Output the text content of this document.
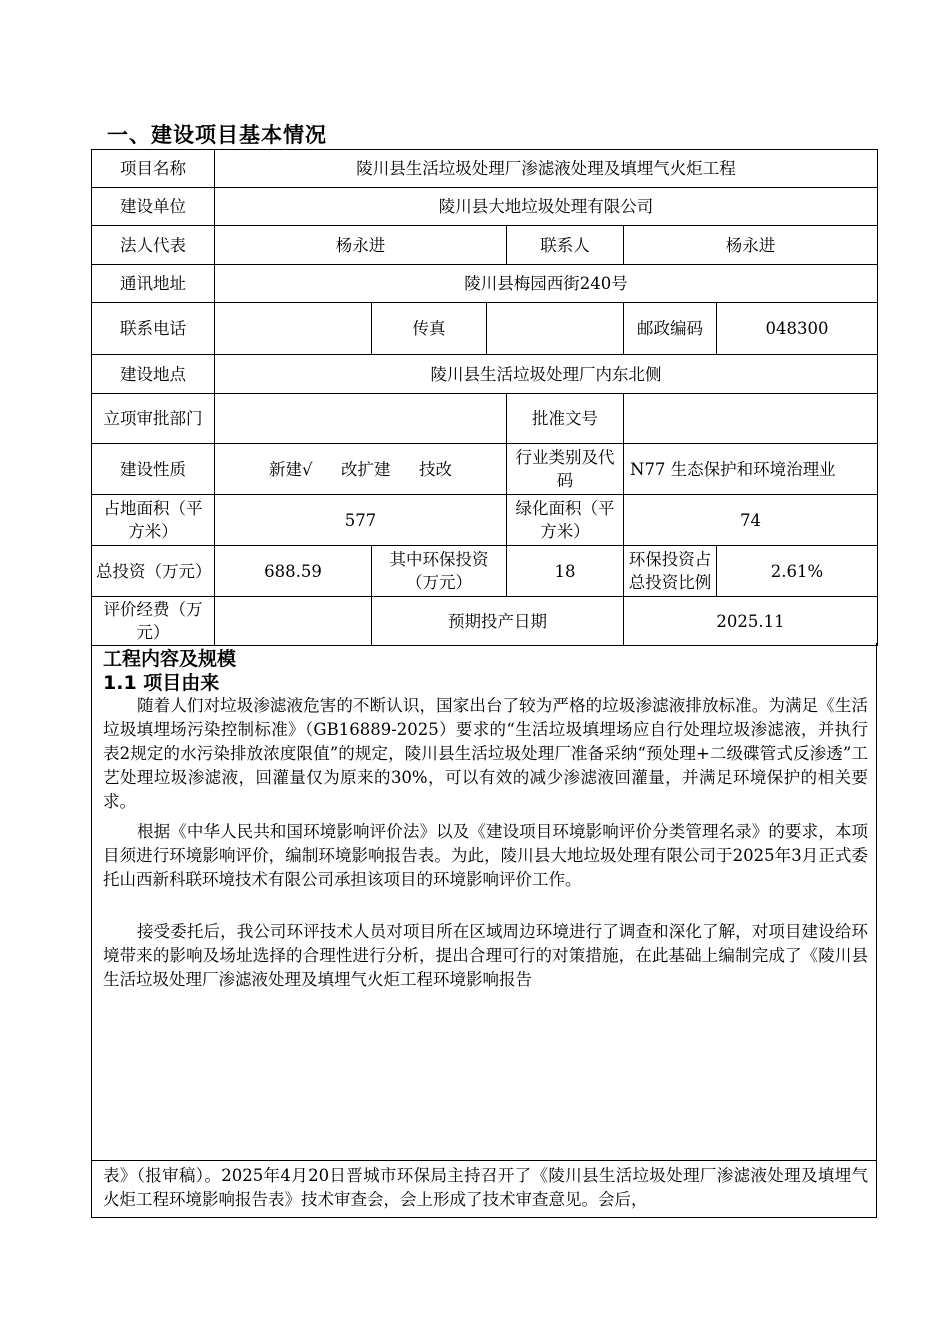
一、建设项目基本情况
项目名称	陵川县生活垃圾处理厂渗滤液处理及填埋气火炬工程					
建设单位	陵川县大地垃圾处理有限公司					
法人代表	杨永进			联系人	杨永进	
通讯地址	陵川县梅园西街240号					
联系电话		传真			邮政编码	048300
建设地点	陵川县生活垃圾处理厂内东北侧					
立项审批部门				批准文号		
建设性质	新建√ 改扩建 技改			行业类别及代码	N77 生态保护和环境治理业	
占地面积（平方米）	577			绿化面积（平方米）	74	
总投资（万元）	688.59	其中环保投资（万元）		18	环保投资占总投资比例	2.61%
评价经费（万元）		预期投产日期			2025.11	
工程内容及规模
1.1 项目由来

随着人们对垃圾渗滤液危害的不断认识，国家出台了较为严格的垃圾渗滤液排放标准。为满足《生活垃圾填埋场污染控制标准》（GB16889-2025）要求的“生活垃圾填埋场应自行处理垃圾渗滤液，并执行表2规定的水污染排放浓度限值”的规定，陵川县生活垃圾处理厂准备采纳“预处理+二级碟管式反渗透”工艺处理垃圾渗滤液，回灌量仅为原来的30%，可以有效的减少渗滤液回灌量，并满足环境保护的相关要求。

根据《中华人民共和国环境影响评价法》以及《建设项目环境影响评价分类管理名录》的要求，本项目须进行环境影响评价，编制环境影响报告表。为此，陵川县大地垃圾处理有限公司于2025年3月正式委托山西新科联环境技术有限公司承担该项目的环境影响评价工作。

接受委托后，我公司环评技术人员对项目所在区域周边环境进行了调查和深化了解，对项目建设给环境带来的影响及场址选择的合理性进行分析，提出合理可行的对策措施，在此基础上编制完成了《陵川县生活垃圾处理厂渗滤液处理及填埋气火炬工程环境影响报告

表》（报审稿）。2025年4月20日晋城市环保局主持召开了《陵川县生活垃圾处理厂渗滤液处理及填埋气火炬工程环境影响报告表》技术审查会，会上形成了技术审查意见。会后，
